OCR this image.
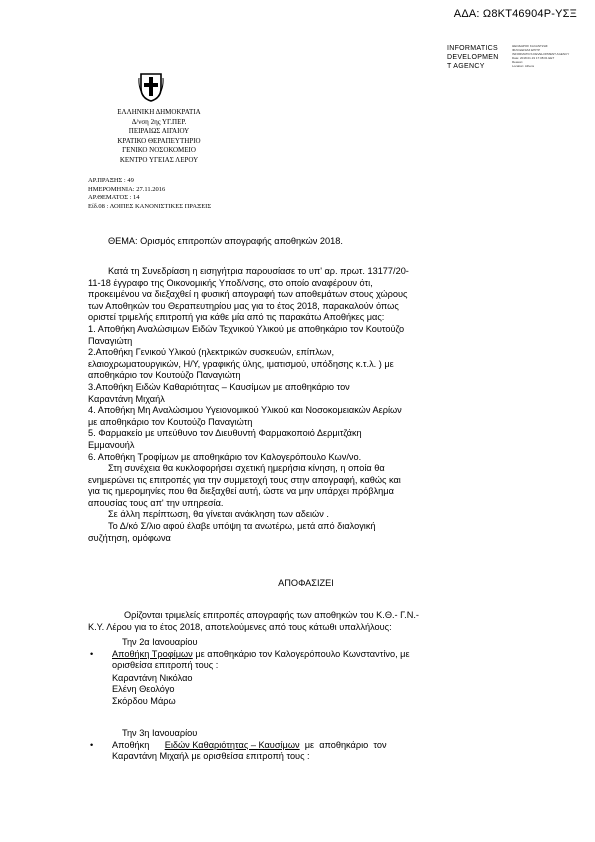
ΑΔΑ: Ω8ΚΤ46904Ρ-ΥΣΞ
INFORMATICS
DEVELOPMEN
T AGENCY
ΘΕΟΔΩΡΟΣ ΚΑΛΑΝΤΖΗΣ
ΦΙΛΟΞΕΝΙΑΣ ΕΠΙΤΡ
INFORMATICS DEVELOPMENT AGENCY
Date: 2018.01.19 17:38:01 EET
Reason:
Location: Athens
ΕΛΛΗΝΙΚΗ ΔΗΜΟΚΡΑΤΙΑ
Δ/νση 2ης ΥΓ.ΠΕΡ.
ΠΕΙΡΑΙΩΣ ΑΙΓΑΙΟΥ
ΚΡΑΤΙΚΟ ΘΕΡΑΠΕΥΤΗΡΙΟ
ΓΕΝΙΚΟ ΝΟΣΟΚΟΜΕΙΟ
ΚΕΝΤΡΟ ΥΓΕΙΑΣ ΛΕΡΟΥ
ΑΡ.ΠΡΑΞΗΣ : 49
ΗΜΕΡΟΜΗΝΙΑ: 27.11.2016
ΑΡ.ΘΕΜΑΤΟΣ : 14
Είδ.08 : ΛΟΙΠΕΣ ΚΑΝΟΝΙΣΤΙΚΕΣ ΠΡΑΞΕΙΣ
ΘΕΜΑ: Ορισμός επιτροπών απογραφής αποθηκών 2018.
Κατά τη Συνεδρίαση η εισηγήτρια παρουσίασε το υπ' αρ. πρωτ. 13177/20-
11-18 έγγραφο της Οικονομικής Υποδ/νσης, στο οποίο αναφέρουν ότι,
προκειμένου να διεξαχθεί η φυσική απογραφή των αποθεμάτων στους χώρους
των Αποθηκών του Θεραπευτηρίου μας για το έτος 2018, παρακαλούν όπως
οριστεί τριμελής επιτροπή για κάθε μία από τις παρακάτω Αποθήκες μας:
1. Αποθήκη Αναλώσιμων Ειδών Τεχνικού Υλικού με αποθηκάριο τον Κουτούζο
Παναγιώτη
2.Αποθήκη Γενικού Υλικού (ηλεκτρικών συσκευών, επίπλων,
ελαιοχρωματουργικών, Η/Υ, γραφικής ύλης, ιματισμού, υπόδησης κ.τ.λ. ) με
αποθηκάριο τον Κουτούζο Παναγιώτη
3.Αποθήκη Ειδών Καθαριότητας – Καυσίμων με αποθηκάριο τον
Καραντάνη Μιχαήλ
4. Αποθήκη Μη Αναλώσιμου Υγειονομικού Υλικού και Νοσοκομειακών Αερίων
με αποθηκάριο τον Κουτούζο Παναγιώτη
5. Φαρμακείο με υπεύθυνο τον Διευθυντή Φαρμακοποιό Δερμιτζάκη
Εμμανουήλ
6. Αποθήκη Τροφίμων με αποθηκάριο τον Καλογερόπουλο Κων/νο.
Στη συνέχεια θα κυκλοφορήσει σχετική ημερήσια κίνηση, η οποία θα
ενημερώνει τις επιτροπές για την συμμετοχή τους στην απογραφή, καθώς και
για τις ημερομηνίες που θα διεξαχθεί αυτή, ώστε να μην υπάρχει πρόβλημα
απουσίας τους απ' την υπηρεσία.
Σε άλλη περίπτωση, θα γίνεται ανάκληση των αδειών .
Το Δ/κό Σ/λιο αφού έλαβε υπόψη τα ανωτέρω, μετά από διαλογική
συζήτηση, ομόφωνα
ΑΠΟΦΑΣΙΖΕΙ
Ορίζονται τριμελείς επιτροπές απογραφής των αποθηκών του Κ.Θ.- Γ.Ν.-
Κ.Υ. Λέρου για το έτος 2018, αποτελούμενες από τους κάτωθι υπαλλήλους:
Την 2α Ιανουαρίου
•	Αποθήκη Τροφίμων με αποθηκάριο τον Καλογερόπουλο Κωνσταντίνο, με
ορισθείσα επιτροπή τους :
Καραντάνη Νικόλαο
Ελένη Θεολόγο
Σκόρδου Μάρω
Την 3η Ιανουαρίου
•	Αποθήκη      Ειδών Καθαριότητας – Καυσίμων  με  αποθηκάριο  τον
Καραντάνη Μιχαήλ με ορισθείσα επιτροπή τους :
